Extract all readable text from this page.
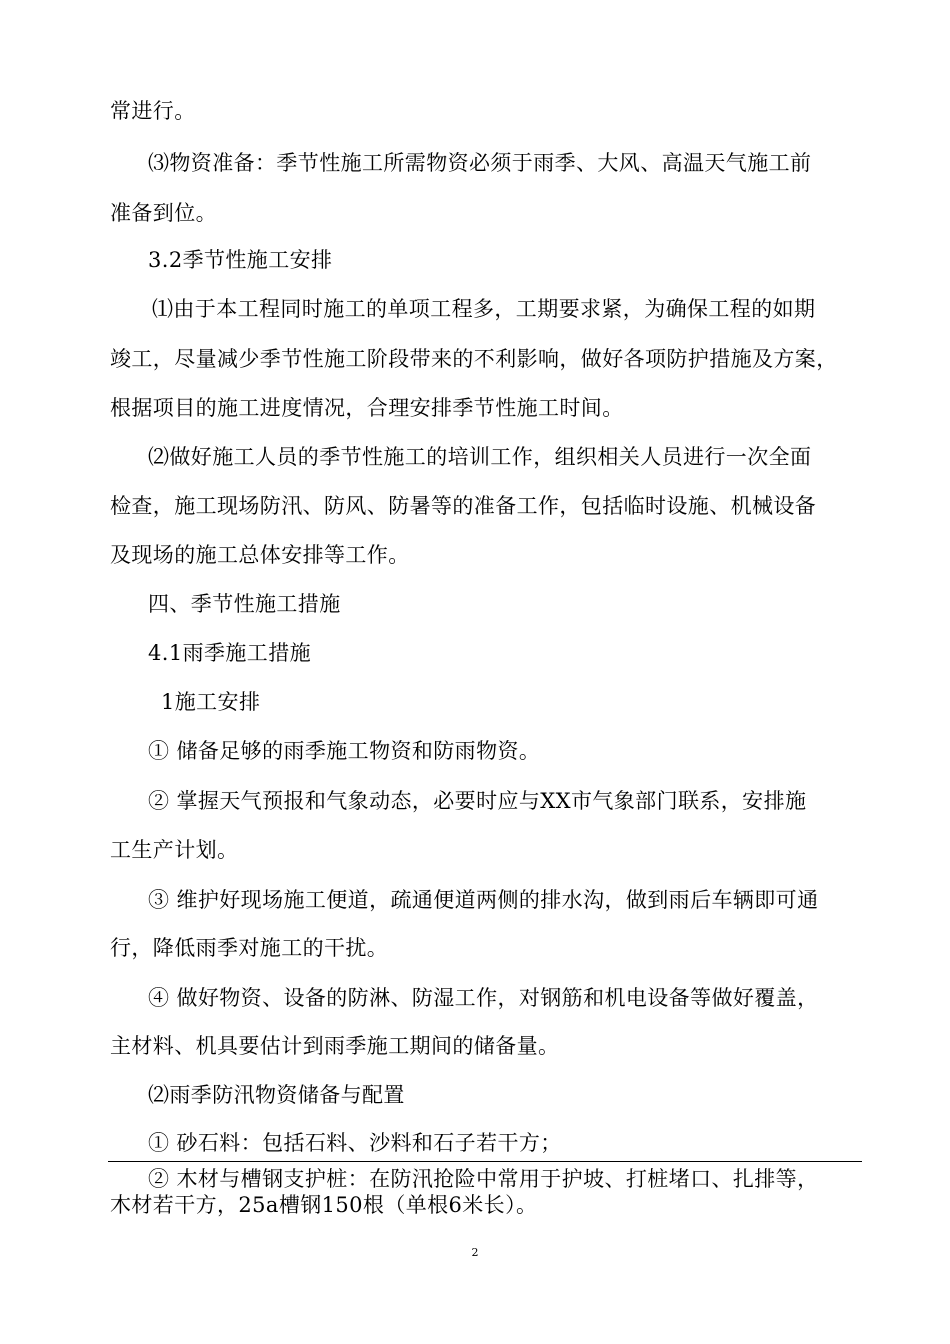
常进行。
⑶物资准备：季节性施工所需物资必须于雨季、大风、高温天气施工前
准备到位。
3.2季节性施工安排
⑴由于本工程同时施工的单项工程多，工期要求紧，为确保工程的如期
竣工，尽量减少季节性施工阶段带来的不利影响，做好各项防护措施及方案，
根据项目的施工进度情况，合理安排季节性施工时间。
⑵做好施工人员的季节性施工的培训工作，组织相关人员进行一次全面
检查，施工现场防汛、防风、防暑等的准备工作，包括临时设施、机械设备
及现场的施工总体安排等工作。
四、季节性施工措施
4.1雨季施工措施
1施工安排
① 储备足够的雨季施工物资和防雨物资。
② 掌握天气预报和气象动态，必要时应与XX市气象部门联系，安排施
工生产计划。
③ 维护好现场施工便道，疏通便道两侧的排水沟，做到雨后车辆即可通
行，降低雨季对施工的干扰。
④ 做好物资、设备的防淋、防湿工作，对钢筋和机电设备等做好覆盖，
主材料、机具要估计到雨季施工期间的储备量。
⑵雨季防汛物资储备与配置
① 砂石料：包括石料、沙料和石子若干方；
② 木材与槽钢支护桩：在防汛抢险中常用于护坡、打桩堵口、扎排等，
木材若干方，25a槽钢150根（单根6米长）。
2
